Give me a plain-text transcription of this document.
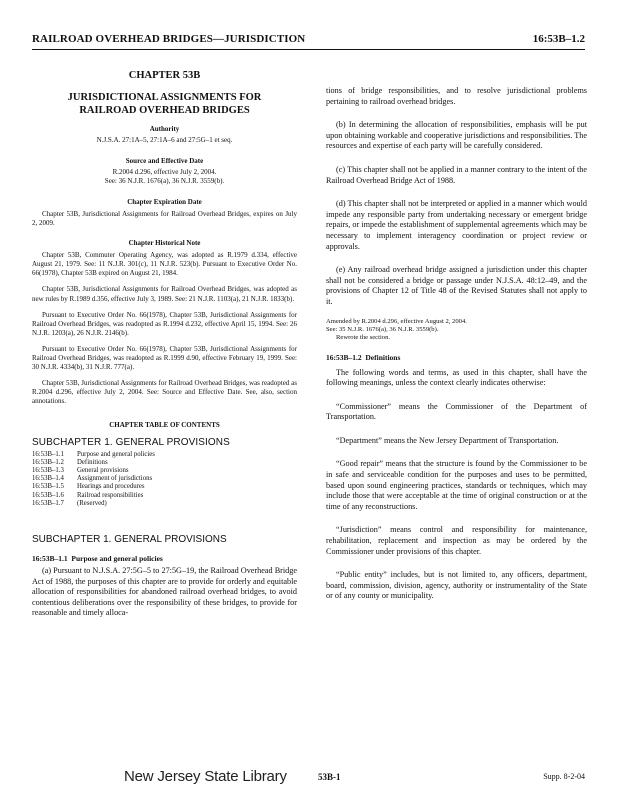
RAILROAD OVERHEAD BRIDGES—JURISDICTION	16:53B–1.2
CHAPTER 53B
JURISDICTIONAL ASSIGNMENTS FOR
RAILROAD OVERHEAD BRIDGES
Authority
N.J.S.A. 27:1A–5, 27:1A–6 and 27:5G–1 et seq.
Source and Effective Date
R.2004 d.296, effective July 2, 2004.
See: 36 N.J.R. 1676(a), 36 N.J.R. 3559(b).
Chapter Expiration Date

Chapter 53B, Jurisdictional Assignments for Railroad Overhead Bridges, expires on July 2, 2009.

Chapter Historical Note

Chapter 53B, Commuter Operating Agency, was adopted as R.1979 d.334, effective August 21, 1979. See: 11 N.J.R. 301(c), 11 N.J.R. 523(b). Pursuant to Executive Order No. 66(1978), Chapter 53B expired on August 21, 1984.

Chapter 53B, Jurisdictional Assignments for Railroad Overhead Bridges, was adopted as new rules by R.1989 d.356, effective July 3, 1989. See: 21 N.J.R. 1103(a), 21 N.J.R. 1833(b).

Pursuant to Executive Order No. 66(1978), Chapter 53B, Jurisdictional Assignments for Railroad Overhead Bridges, was readopted as R.1994 d.232, effective April 15, 1994. See: 26 N.J.R. 1203(a), 26 N.J.R. 2146(b).

Pursuant to Executive Order No. 66(1978), Chapter 53B, Jurisdictional Assignments for Railroad Overhead Bridges, was readopted as R.1999 d.90, effective February 19, 1999. See: 30 N.J.R. 4334(b), 31 N.J.R. 777(a).

Chapter 53B, Jurisdictional Assignments for Railroad Overhead Bridges, was readopted as R.2004 d.296, effective July 2, 2004. See: Source and Effective Date. See, also, section annotations.

CHAPTER TABLE OF CONTENTS
SUBCHAPTER 1. GENERAL PROVISIONS
16:53B–1.1	Purpose and general policies
16:53B–1.2	Definitions
16:53B–1.3	General provisions
16:53B–1.4	Assignment of jurisdictions
16:53B–1.5	Hearings and procedures
16:53B–1.6	Railroad responsibilities
16:53B–1.7	(Reserved)
SUBCHAPTER 1. GENERAL PROVISIONS
16:53B–1.1 Purpose and general policies

(a) Pursuant to N.J.S.A. 27:5G–5 to 27:5G–19, the Railroad Overhead Bridge Act of 1988, the purposes of this chapter are to provide for orderly and equitable allocation of responsibilities for abandoned railroad overhead bridges, to avoid contentious deliberations over the responsibility of these bridges, to provide for reasonable and timely alloca-

tions of bridge responsibilities, and to resolve jurisdictional problems pertaining to railroad overhead bridges.

(b) In determining the allocation of responsibilities, emphasis will be put upon obtaining workable and cooperative jurisdictions and responsibilities. The resources and expertise of each party will be carefully considered.

(c) This chapter shall not be applied in a manner contrary to the intent of the Railroad Overhead Bridge Act of 1988.

(d) This chapter shall not be interpreted or applied in a manner which would impede any responsible party from undertaking necessary or emergent bridge repairs, or impede the establishment of supplemental agreements which may be necessary to implement interagency coordination or project review or approvals.

(e) Any railroad overhead bridge assigned a jurisdiction under this chapter shall not be considered a bridge or passage under N.J.S.A. 48:12–49, and the provisions of Chapter 12 of Title 48 of the Revised Statutes shall not apply to it.

Amended by R.2004 d.296, effective August 2, 2004.
See: 35 N.J.R. 1676(a), 36 N.J.R. 3559(b).
Rewrote the section.
16:53B–1.2 Definitions

The following words and terms, as used in this chapter, shall have the following meanings, unless the context clearly indicates otherwise:

“Commissioner” means the Commissioner of the Department of Transportation.

“Department” means the New Jersey Department of Transportation.

“Good repair” means that the structure is found by the Commissioner to be in safe and serviceable condition for the purposes and uses to be permitted, based upon sound engineering practices, standards or techniques, which may include those that were acceptable at the time of original construction or at the time of any reconstructions.

“Jurisdiction” means control and responsibility for maintenance, rehabilitation, replacement and inspection as may be ordered by the Commissioner under provisions of this chapter.

“Public entity” includes, but is not limited to, any officers, department, board, commission, division, agency, authority or instrumentality of the State or of any county or municipality.

New Jersey State Library	53B-1	Supp. 8-2-04
